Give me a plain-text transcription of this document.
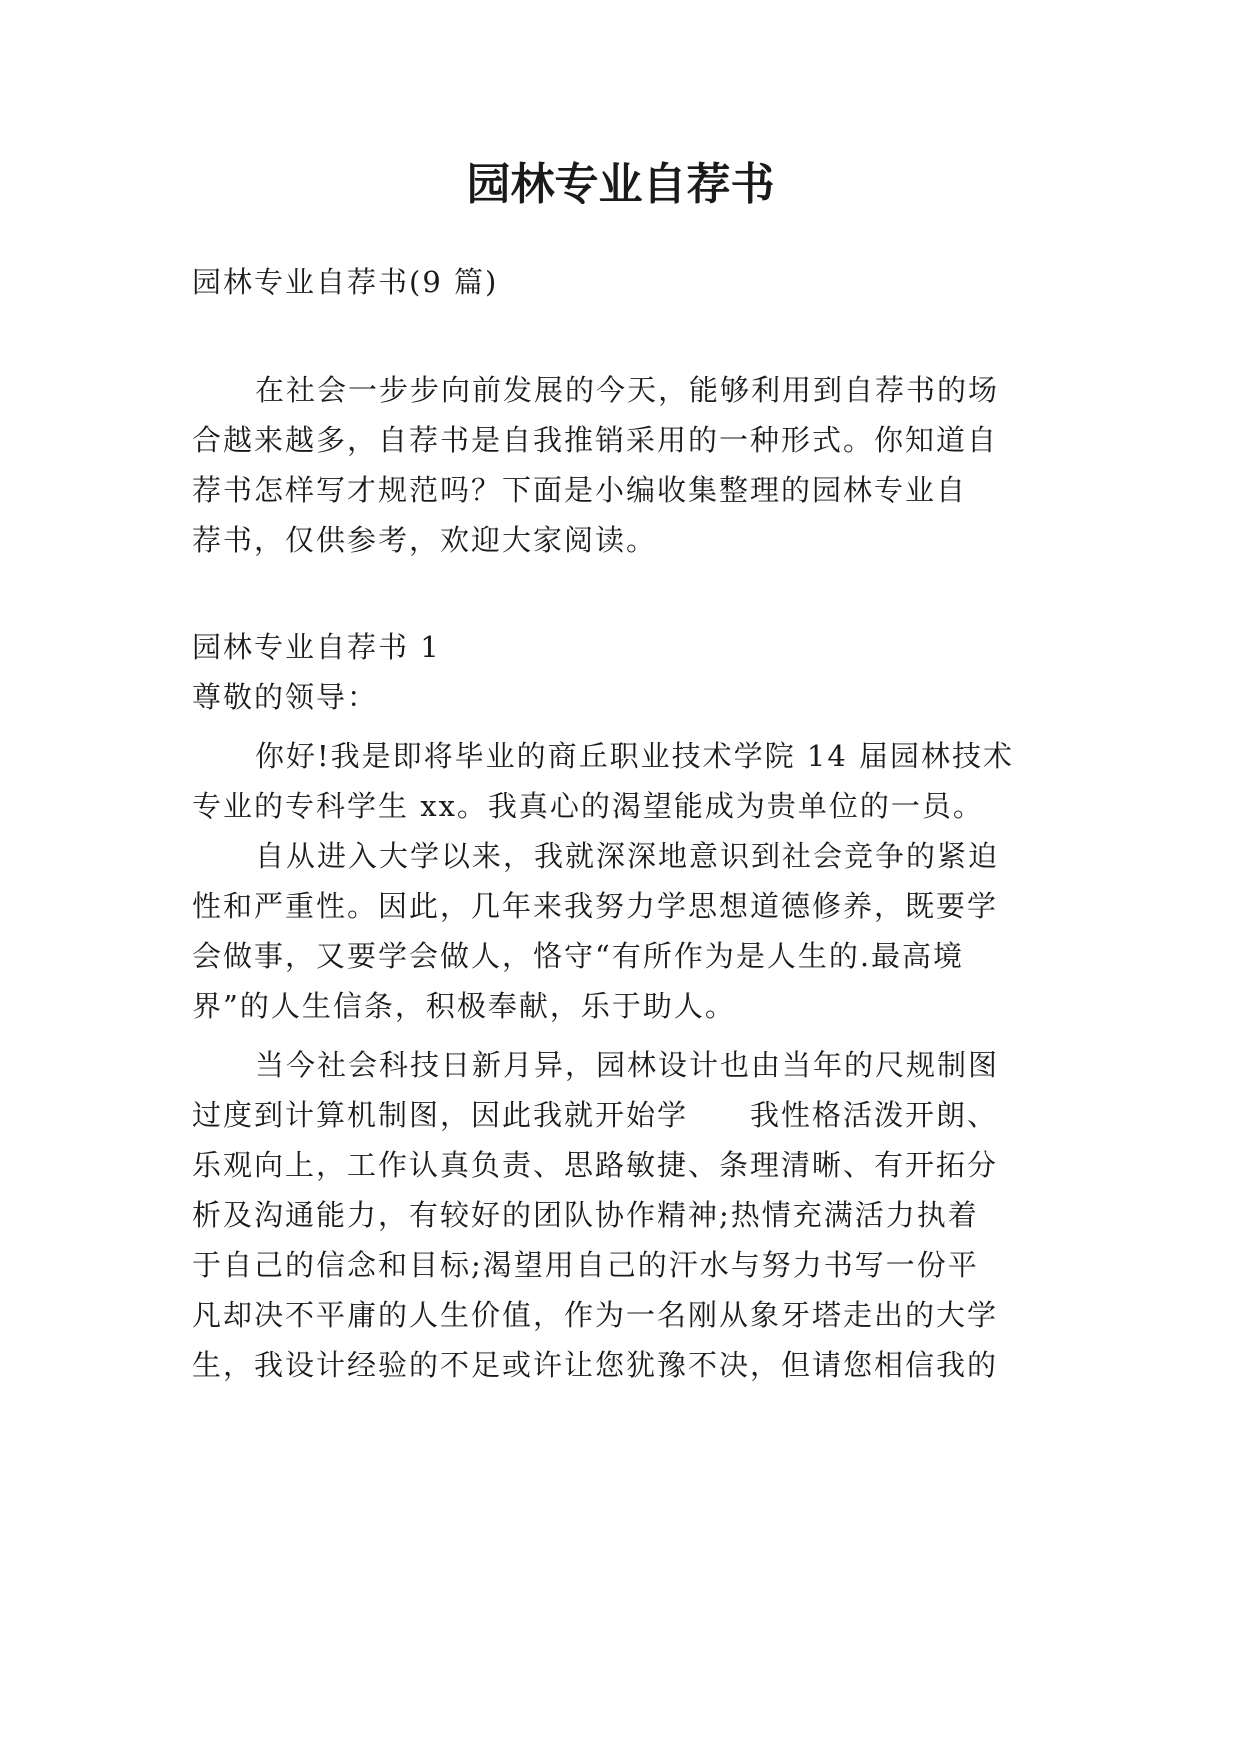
园林专业自荐书

园林专业自荐书(9 篇)

在社会一步步向前发展的今天，能够利用到自荐书的场

合越来越多，自荐书是自我推销采用的一种形式。你知道自

荐书怎样写才规范吗？下面是小编收集整理的园林专业自

荐书，仅供参考，欢迎大家阅读。

园林专业自荐书 1

尊敬的领导：

你好!我是即将毕业的商丘职业技术学院 14 届园林技术

专业的专科学生 xx。我真心的渴望能成为贵单位的一员。

自从进入大学以来，我就深深地意识到社会竞争的紧迫

性和严重性。因此，几年来我努力学思想道德修养，既要学

会做事，又要学会做人，恪守“有所作为是人生的.最高境

界”的人生信条，积极奉献，乐于助人。

当今社会科技日新月异，园林设计也由当年的尺规制图

过度到计算机制图，因此我就开始学　　我性格活泼开朗、

乐观向上，工作认真负责、思路敏捷、条理清晰、有开拓分

析及沟通能力，有较好的团队协作精神;热情充满活力执着

于自己的信念和目标;渴望用自己的汗水与努力书写一份平

凡却决不平庸的人生价值，作为一名刚从象牙塔走出的大学

生，我设计经验的不足或许让您犹豫不决，但请您相信我的
